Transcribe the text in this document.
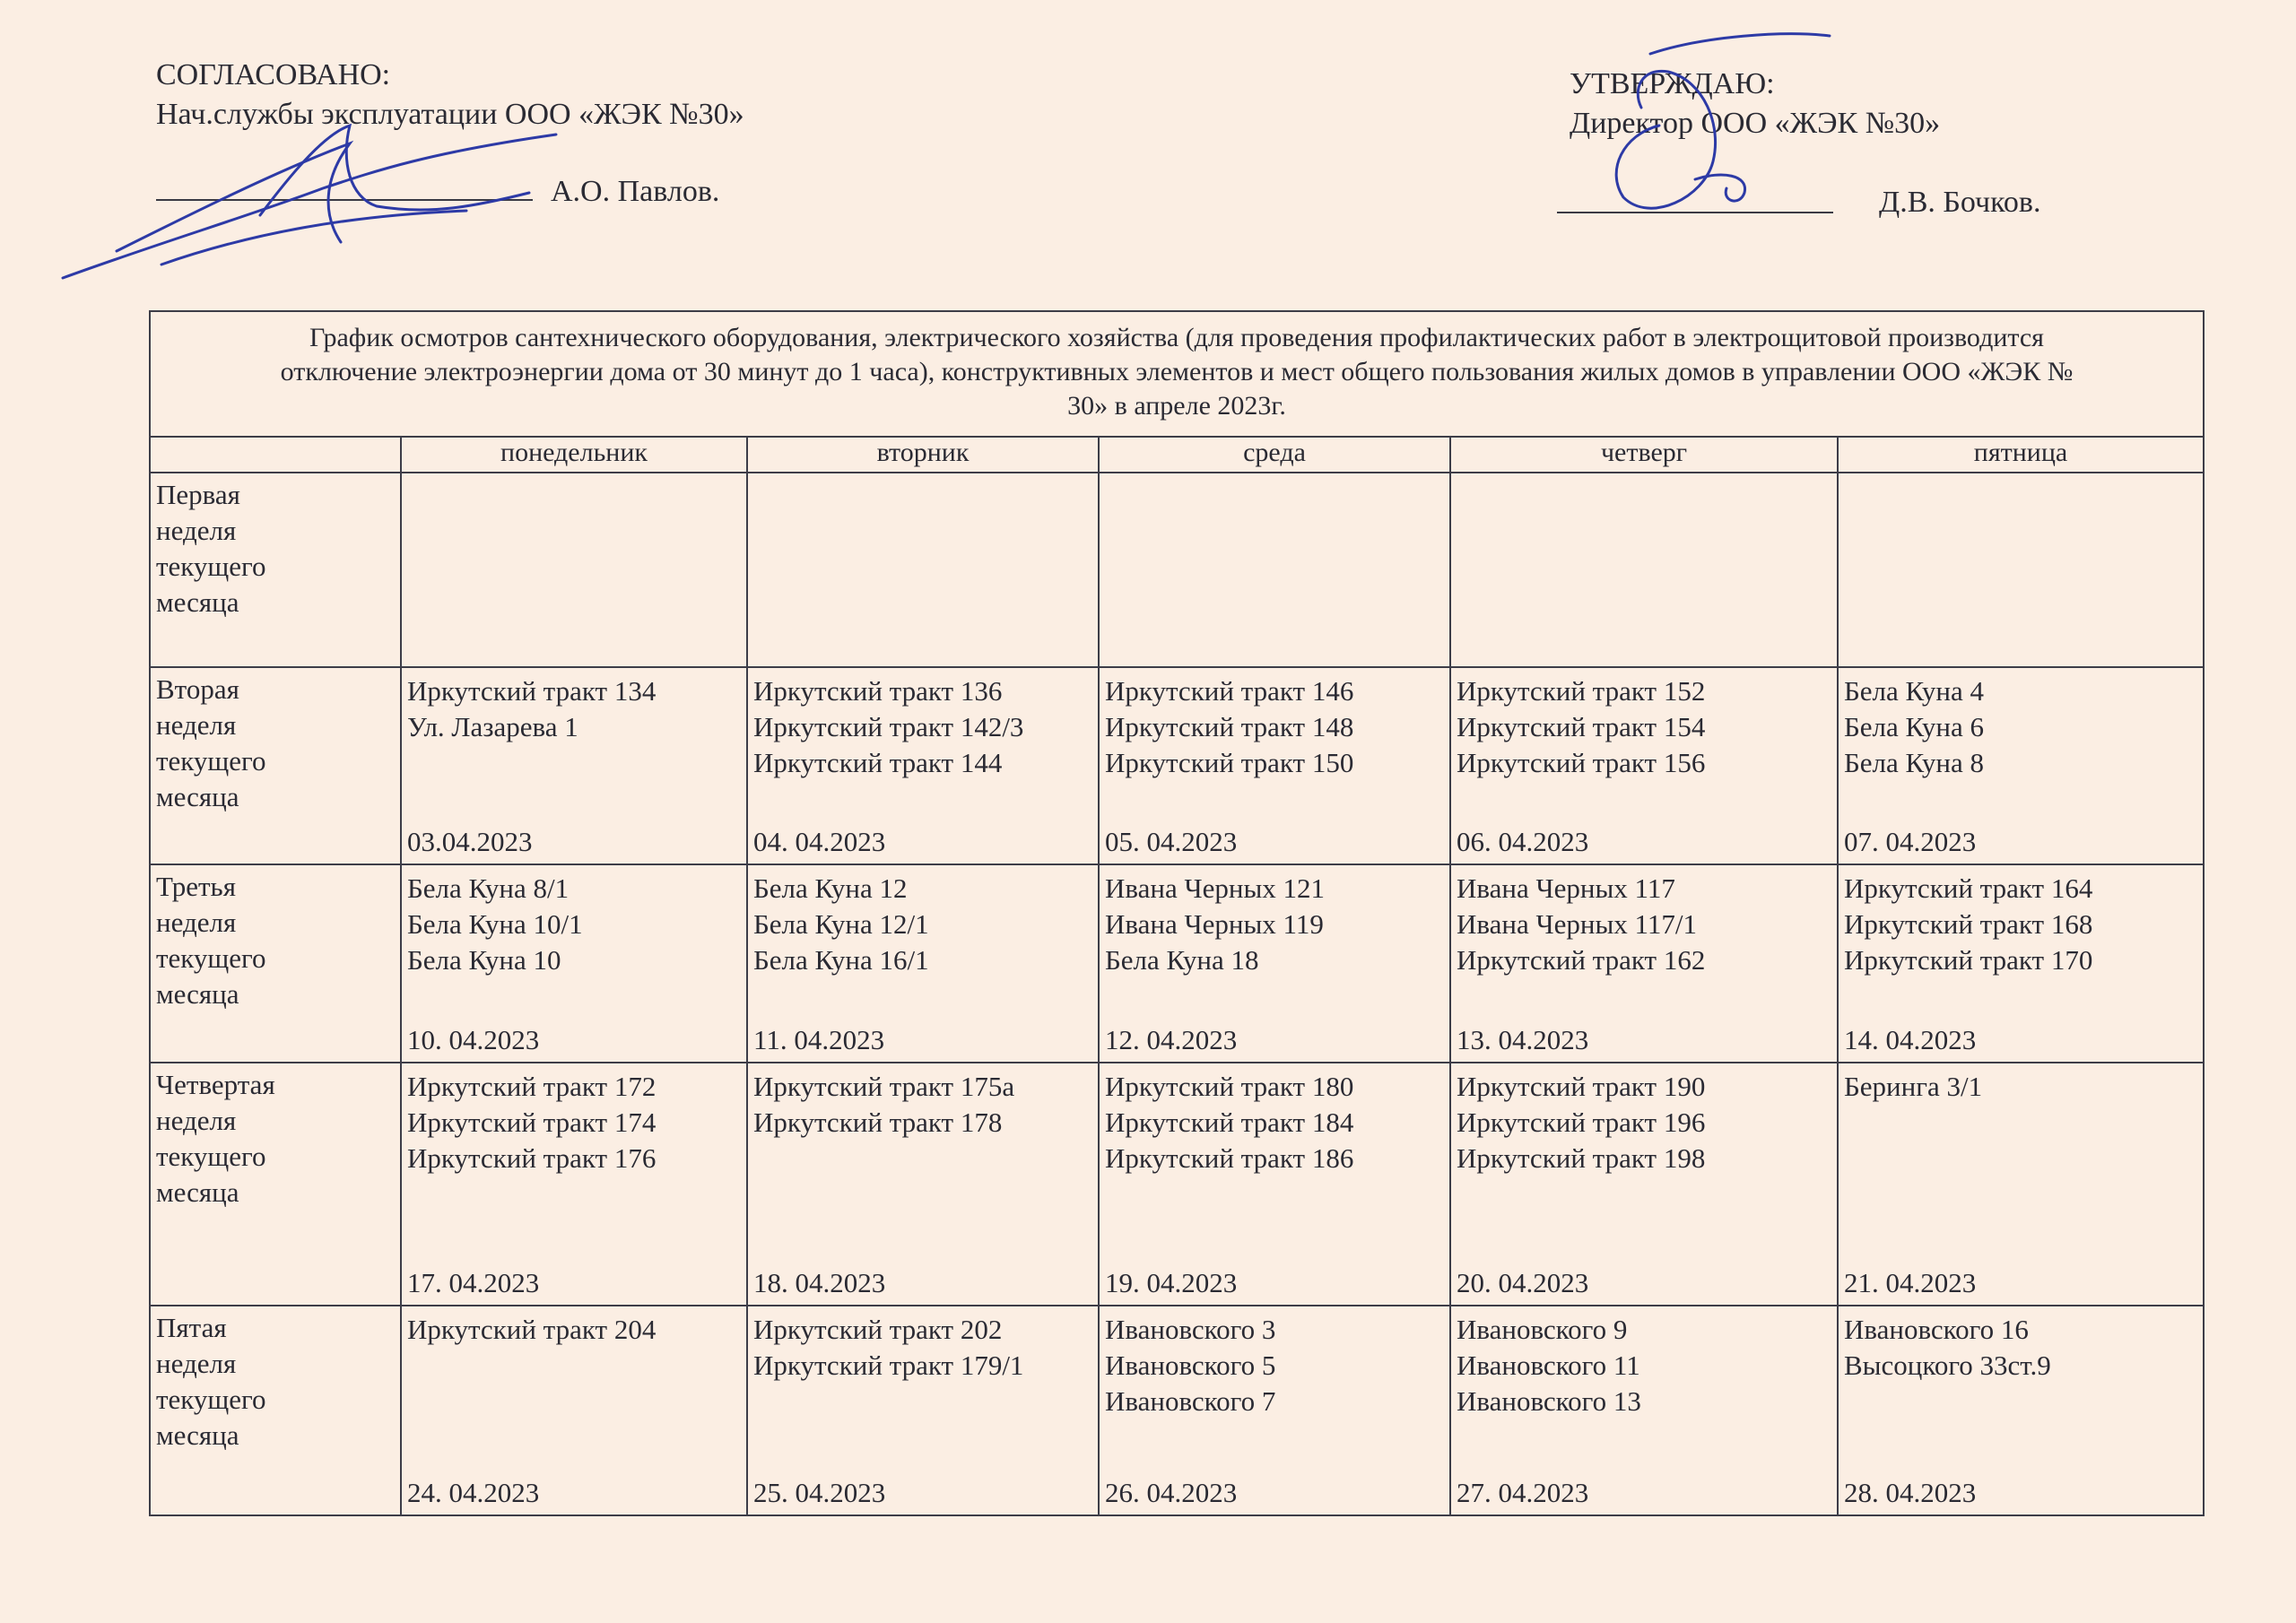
СОГЛАСОВАНО:
Нач.службы эксплуатации ООО «ЖЭК №30»
А.О. Павлов.
УТВЕРЖДАЮ:
Директор ООО «ЖЭК №30»
Д.В. Бочков.
График осмотров сантехнического оборудования, электрического хозяйства (для проведения профилактических работ в электрощитовой производится отключение электроэнергии дома от 30 минут до 1 часа), конструктивных элементов и мест общего пользования жилых домов в управлении ООО «ЖЭК № 30» в апреле 2023г.					
	понедельник	вторник	среда	четверг	пятница

Первая
неделя
текущего
месяца					

Вторая
неделя
текущего
месяца	Иркутский тракт 134
Ул. Лазарева 1
03.04.2023	Иркутский тракт 136
Иркутский тракт 142/3
Иркутский тракт 144
04. 04.2023	Иркутский тракт 146
Иркутский тракт 148
Иркутский тракт 150
05. 04.2023	Иркутский тракт 152
Иркутский тракт 154
Иркутский тракт 156
06. 04.2023	Бела Куна 4
Бела Куна 6
Бела Куна 8
07. 04.2023

Третья
неделя
текущего
месяца	Бела Куна 8/1
Бела Куна 10/1
Бела Куна 10
10. 04.2023	Бела Куна 12
Бела Куна 12/1
Бела Куна 16/1
11. 04.2023	Ивана Черных 121
Ивана Черных 119
Бела Куна 18
12. 04.2023	Ивана Черных 117
Ивана Черных 117/1
Иркутский тракт 162
13. 04.2023	Иркутский тракт 164
Иркутский тракт 168
Иркутский тракт 170
14. 04.2023

Четвертая
неделя
текущего
месяца	Иркутский тракт 172
Иркутский тракт 174
Иркутский тракт 176
17. 04.2023	Иркутский тракт 175а
Иркутский тракт 178
18. 04.2023	Иркутский тракт 180
Иркутский тракт 184
Иркутский тракт 186
19. 04.2023	Иркутский тракт 190
Иркутский тракт 196
Иркутский тракт 198
20. 04.2023	Беринга 3/1
21. 04.2023

Пятая
неделя
текущего
месяца	Иркутский тракт 204
24. 04.2023	Иркутский тракт 202
Иркутский тракт 179/1
25. 04.2023	Ивановского 3
Ивановского 5
Ивановского 7
26. 04.2023	Ивановского 9
Ивановского 11
Ивановского 13
27. 04.2023	Ивановского 16
Высоцкого 33ст.9
28. 04.2023
